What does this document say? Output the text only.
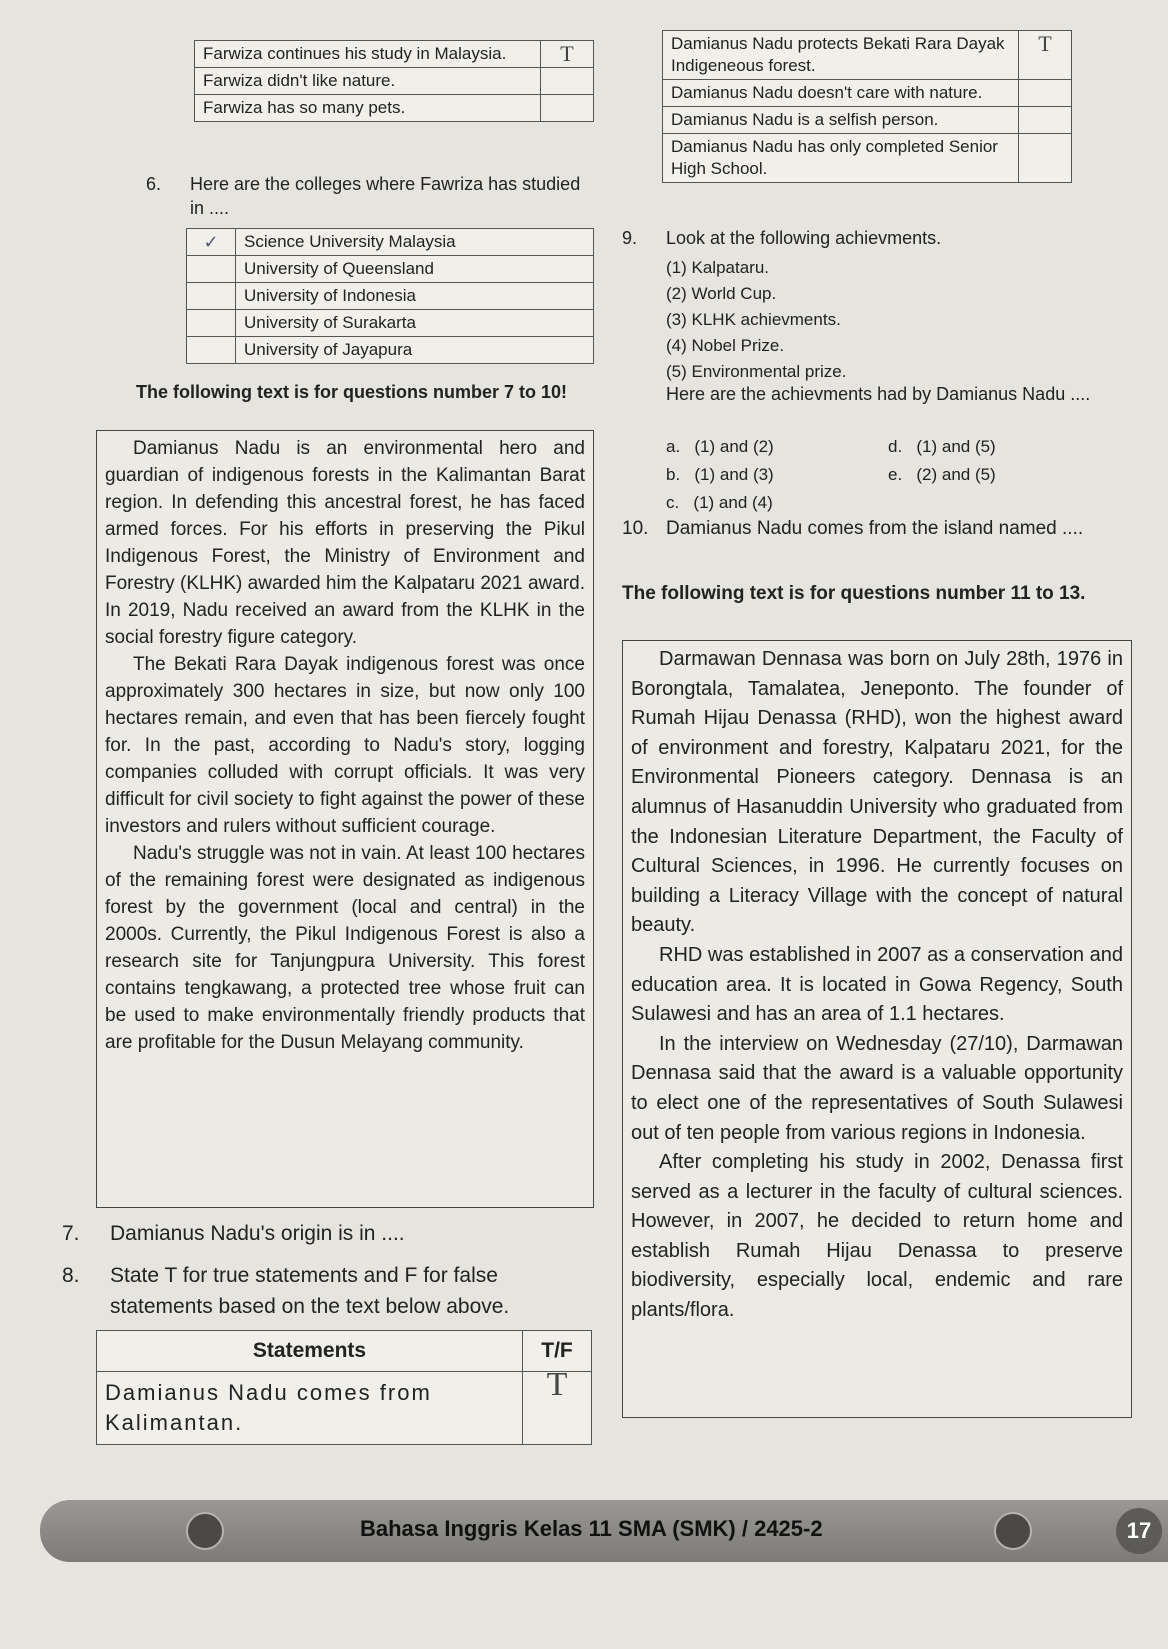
Farwiza continues his study in Malaysia.	T
Farwiza didn't like nature.	
Farwiza has so many pets.	
Damianus Nadu protects Bekati Rara Dayak Indigeneous forest.	T
Damianus Nadu doesn't care with nature.	
Damianus Nadu is a selfish person.	
Damianus Nadu has only completed Senior High School.	
6. Here are the colleges where Fawriza has studied in ....
✓	Science University Malaysia
	University of Queensland
	University of Indonesia
	University of Surakarta
	University of Jayapura
The following text is for questions number 7 to 10!

Damianus Nadu is an environmental hero and guardian of indigenous forests in the Kalimantan Barat region. In defending this ancestral forest, he has faced armed forces. For his efforts in preserving the Pikul Indigenous Forest, the Ministry of Environment and Forestry (KLHK) awarded him the Kalpataru 2021 award. In 2019, Nadu received an award from the KLHK in the social forestry figure category.

The Bekati Rara Dayak indigenous forest was once approximately 300 hectares in size, but now only 100 hectares remain, and even that has been fiercely fought for. In the past, according to Nadu's story, logging companies colluded with corrupt officials. It was very difficult for civil society to fight against the power of these investors and rulers without sufficient courage.

Nadu's struggle was not in vain. At least 100 hectares of the remaining forest were designated as indigenous forest by the government (local and central) in the 2000s. Currently, the Pikul Indigenous Forest is also a research site for Tanjungpura University. This forest contains tengkawang, a protected tree whose fruit can be used to make environmentally friendly products that are profitable for the Dusun Melayang community.

7. Damianus Nadu's origin is in ....
8. State T for true statements and F for false statements based on the text below above.
Statements	T/F
Damianus Nadu comes from Kalimantan.	T
9. Look at the following achievments.
(1) Kalpataru.
(2) World Cup.
(3) KLHK achievments.
(4) Nobel Prize.
(5) Environmental prize.
Here are the achievments had by Damianus Nadu ....
a. (1) and (2)
b. (1) and (3)
c. (1) and (4)
d. (1) and (5)
e. (2) and (5)
10. Damianus Nadu comes from the island named ....
The following text is for questions number 11 to 13.

Darmawan Dennasa was born on July 28th, 1976 in Borongtala, Tamalatea, Jeneponto. The founder of Rumah Hijau Denassa (RHD), won the highest award of environment and forestry, Kalpataru 2021, for the Environmental Pioneers category. Dennasa is an alumnus of Hasanuddin University who graduated from the Indonesian Literature Department, the Faculty of Cultural Sciences, in 1996. He currently focuses on building a Literacy Village with the concept of natural beauty.

RHD was established in 2007 as a conservation and education area. It is located in Gowa Regency, South Sulawesi and has an area of 1.1 hectares.

In the interview on Wednesday (27/10), Darmawan Dennasa said that the award is a valuable opportunity to elect one of the representatives of South Sulawesi out of ten people from various regions in Indonesia.

After completing his study in 2002, Denassa first served as a lecturer in the faculty of cultural sciences. However, in 2007, he decided to return home and establish Rumah Hijau Denassa to preserve biodiversity, especially local, endemic and rare plants/flora.

Bahasa Inggris Kelas 11 SMA (SMK) / 2425-2	17
